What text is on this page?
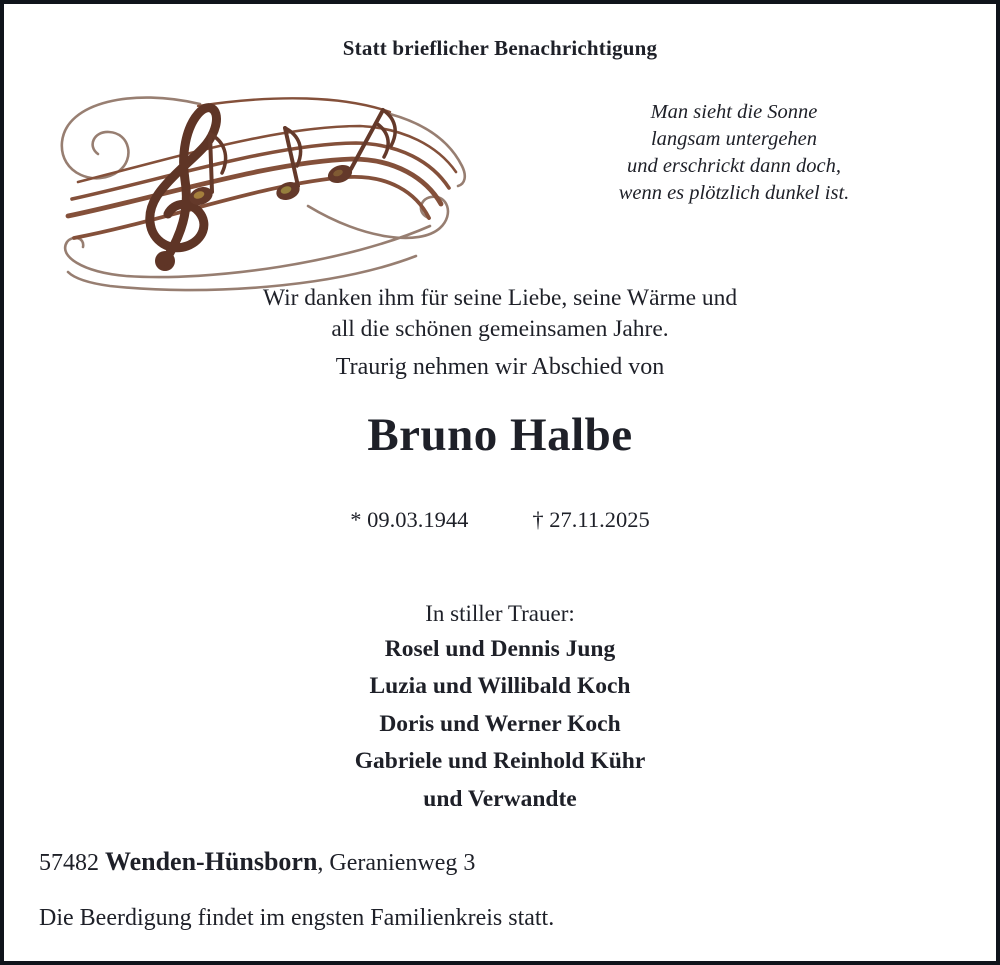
Statt brieflicher Benachrichtigung
Man sieht die Sonne
langsam untergehen
und erschrickt dann doch,
wenn es plötzlich dunkel ist.
Wir danken ihm für seine Liebe, seine Wärme und
all die schönen gemeinsamen Jahre.
Traurig nehmen wir Abschied von
Bruno Halbe
* 09.03.1944	† 27.11.2025
In stiller Trauer:
Rosel und Dennis Jung
Luzia und Willibald Koch
Doris und Werner Koch
Gabriele und Reinhold Kühr
und Verwandte
57482 Wenden-Hünsborn, Geranienweg 3
Die Beerdigung findet im engsten Familienkreis statt.
